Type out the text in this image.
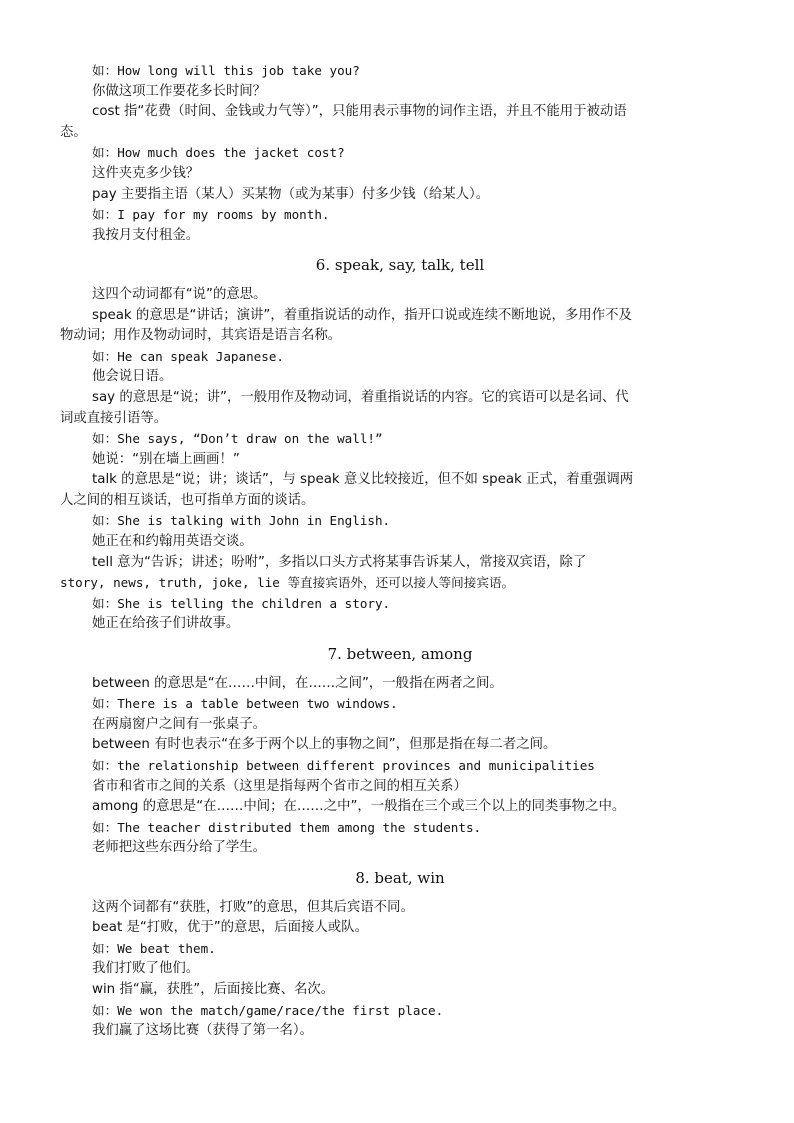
如：How long will this job take you?
你做这项工作要花多长时间？
cost 指“花费（时间、金钱或力气等）”，只能用表示事物的词作主语，并且不能用于被动语
态。
如：How much does the jacket cost?
这件夹克多少钱？
pay 主要指主语（某人）买某物（或为某事）付多少钱（给某人）。
如：I pay for my rooms by month.
我按月支付租金。
6. speak, say, talk, tell
这四个动词都有“说”的意思。
speak 的意思是“讲话；演讲”，着重指说话的动作，指开口说或连续不断地说，多用作不及
物动词；用作及物动词时，其宾语是语言名称。
如：He can speak Japanese.
他会说日语。
say 的意思是“说；讲”，一般用作及物动词，着重指说话的内容。它的宾语可以是名词、代
词或直接引语等。
如：She says, “Don’t draw on the wall!”
她说：“别在墙上画画！”
talk 的意思是“说；讲；谈话”，与 speak 意义比较接近，但不如 speak 正式，着重强调两
人之间的相互谈话，也可指单方面的谈话。
如：She is talking with John in English.
她正在和约翰用英语交谈。
tell 意为“告诉；讲述；吩咐”，多指以口头方式将某事告诉某人，常接双宾语，除了
story, news, truth, joke, lie 等直接宾语外，还可以接人等间接宾语。
如：She is telling the children a story.
她正在给孩子们讲故事。
7. between, among
between 的意思是“在……中间，在……之间”，一般指在两者之间。
如：There is a table between two windows.
在两扇窗户之间有一张桌子。
between 有时也表示“在多于两个以上的事物之间”，但那是指在每二者之间。
如：the relationship between different provinces and municipalities
省市和省市之间的关系（这里是指每两个省市之间的相互关系）
among 的意思是“在……中间；在……之中”，一般指在三个或三个以上的同类事物之中。
如：The teacher distributed them among the students.
老师把这些东西分给了学生。
8. beat, win
这两个词都有“获胜，打败”的意思，但其后宾语不同。
beat 是“打败，优于”的意思，后面接人或队。
如：We beat them.
我们打败了他们。
win 指“赢，获胜”，后面接比赛、名次。
如：We won the match/game/race/the first place.
我们赢了这场比赛（获得了第一名）。
